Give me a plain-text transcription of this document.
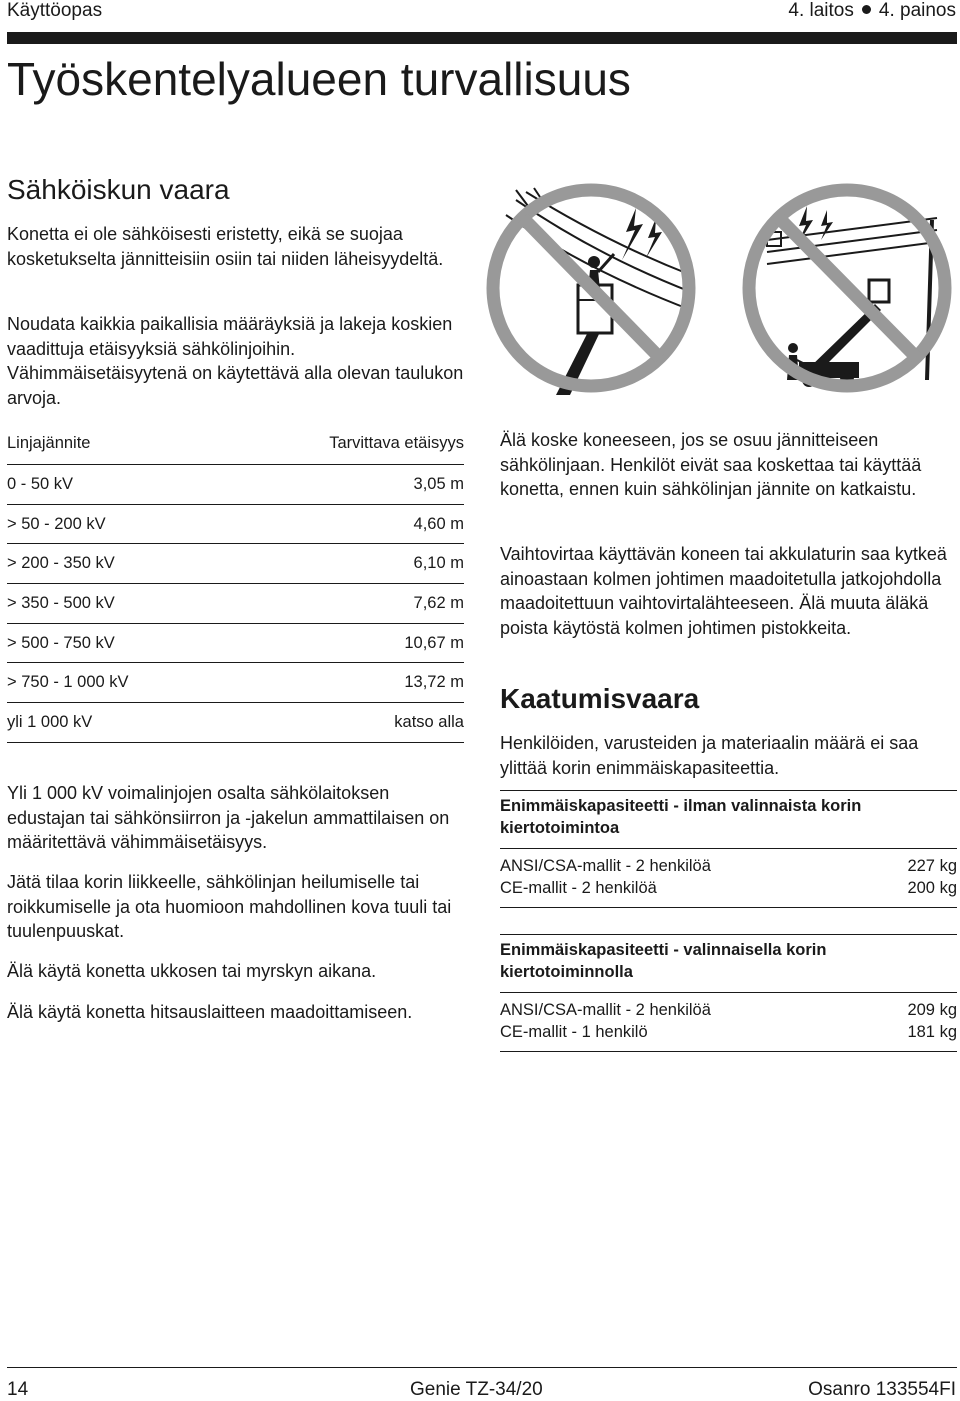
Käyttöopas	4. laitos 4. painos
Työskentelyalueen turvallisuus
Sähköiskun vaara

Konetta ei ole sähköisesti eristetty, eikä se suojaa kosketukselta jännitteisiin osiin tai niiden läheisyydeltä.

Noudata kaikkia paikallisia määräyksiä ja lakeja koskien vaadittuja etäisyyksiä sähkölinjoihin. Vähimmäisetäisyytenä on käytettävä alla olevan taulukon arvoja.

Linjajännite	Tarvittava etäisyys
0 - 50 kV	3,05 m
> 50 - 200 kV	4,60 m
> 200 - 350 kV	6,10 m
> 350 - 500 kV	7,62 m
> 500 - 750 kV	10,67 m
> 750 - 1 000 kV	13,72 m
yli 1 000 kV	katso alla

Yli 1 000 kV voimalinjojen osalta sähkölaitoksen edustajan tai sähkönsiirron ja -jakelun ammattilaisen on määritettävä vähimmäisetäisyys.

Jätä tilaa korin liikkeelle, sähkölinjan heilumiselle tai roikkumiselle ja ota huomioon mahdollinen kova tuuli tai tuulenpuuskat.

Älä käytä konetta ukkosen tai myrskyn aikana.

Älä käytä konetta hitsauslaitteen maadoittamiseen.

Älä koske koneeseen, jos se osuu jännitteiseen sähkölinjaan. Henkilöt eivät saa koskettaa tai käyttää konetta, ennen kuin sähkölinjan jännite on katkaistu.

Vaihtovirtaa käyttävän koneen tai akkulaturin saa kytkeä ainoastaan kolmen johtimen maadoitetulla jatkojohdolla maadoitettuun vaihtovirtalähteeseen. Älä muuta äläkä poista käytöstä kolmen johtimen pistokkeita.

Kaatumisvaara

Henkilöiden, varusteiden ja materiaalin määrä ei saa ylittää korin enimmäiskapasiteettia.

Enimmäiskapasiteetti - ilman valinnaista korin kiertotoimintoa
ANSI/CSA-mallit - 2 henkilöä	227 kg
CE-mallit - 2 henkilöä	200 kg
Enimmäiskapasiteetti - valinnaisella korin kiertotoiminnolla
ANSI/CSA-mallit - 2 henkilöä	209 kg
CE-mallit - 1 henkilö	181 kg
14	Genie TZ-34/20	Osanro 133554FI
